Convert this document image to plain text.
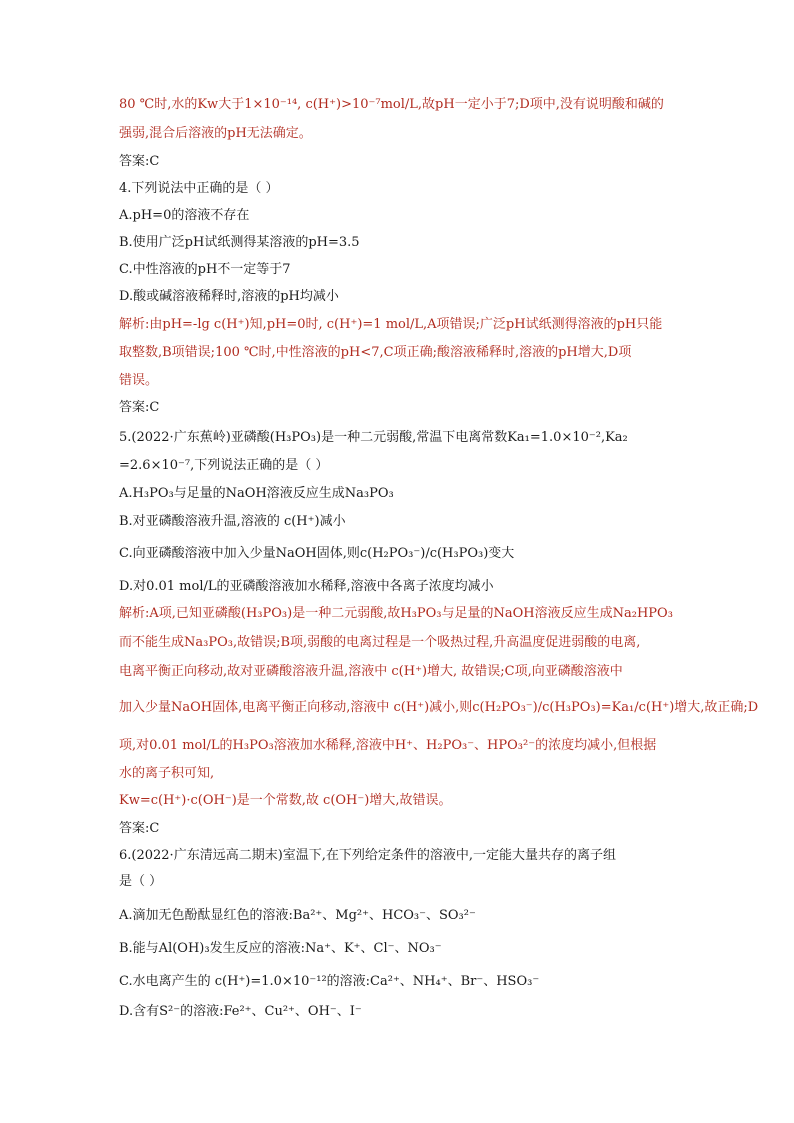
80 ℃时,水的Kw大于1×10⁻¹⁴, c(H⁺)>10⁻⁷mol/L,故pH一定小于7;D项中,没有说明酸和碱的
强弱,混合后溶液的pH无法确定。
答案:C
4.下列说法中正确的是（ ）
A.pH=0的溶液不存在
B.使用广泛pH试纸测得某溶液的pH=3.5
C.中性溶液的pH不一定等于7
D.酸或碱溶液稀释时,溶液的pH均减小
解析:由pH=-lg c(H⁺)知,pH=0时, c(H⁺)=1 mol/L,A项错误;广泛pH试纸测得溶液的pH只能
取整数,B项错误;100 ℃时,中性溶液的pH<7,C项正确;酸溶液稀释时,溶液的pH增大,D项
错误。
答案:C
5.(2022·广东蕉岭)亚磷酸(H₃PO₃)是一种二元弱酸,常温下电离常数Ka₁=1.0×10⁻²,Ka₂
=2.6×10⁻⁷,下列说法正确的是（ ）
A.H₃PO₃与足量的NaOH溶液反应生成Na₃PO₃
B.对亚磷酸溶液升温,溶液的 c(H⁺)减小
C.向亚磷酸溶液中加入少量NaOH固体,则c(H₂PO₃⁻)/c(H₃PO₃)变大
D.对0.01 mol/L的亚磷酸溶液加水稀释,溶液中各离子浓度均减小
解析:A项,已知亚磷酸(H₃PO₃)是一种二元弱酸,故H₃PO₃与足量的NaOH溶液反应生成Na₂HPO₃
而不能生成Na₃PO₃,故错误;B项,弱酸的电离过程是一个吸热过程,升高温度促进弱酸的电离,
电离平衡正向移动,故对亚磷酸溶液升温,溶液中 c(H⁺)增大, 故错误;C项,向亚磷酸溶液中
加入少量NaOH固体,电离平衡正向移动,溶液中 c(H⁺)减小,则c(H₂PO₃⁻)/c(H₃PO₃)=Ka₁/c(H⁺)增大,故正确;D
项,对0.01 mol/L的H₃PO₃溶液加水稀释,溶液中H⁺、H₂PO₃⁻、HPO₃²⁻的浓度均减小,但根据
水的离子积可知,
Kw=c(H⁺)·c(OH⁻)是一个常数,故 c(OH⁻)增大,故错误。
答案:C
6.(2022·广东清远高二期末)室温下,在下列给定条件的溶液中,一定能大量共存的离子组
是（ ）
A.滴加无色酚酞显红色的溶液:Ba²⁺、Mg²⁺、HCO₃⁻、SO₃²⁻
B.能与Al(OH)₃发生反应的溶液:Na⁺、K⁺、Cl⁻、NO₃⁻
C.水电离产生的 c(H⁺)=1.0×10⁻¹²的溶液:Ca²⁺、NH₄⁺、Br⁻、HSO₃⁻
D.含有S²⁻的溶液:Fe²⁺、Cu²⁺、OH⁻、I⁻
